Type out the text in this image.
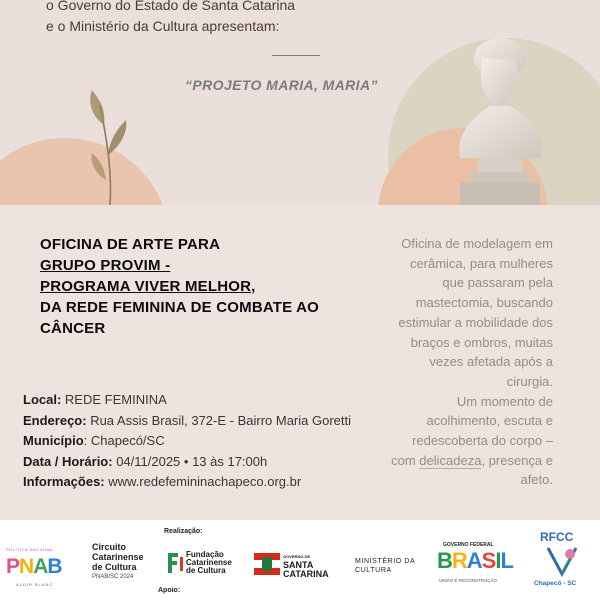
o Governo do Estado de Santa Catarina
e o Ministério da Cultura apresentam:
“PROJETO MARIA, MARIA”
OFICINA DE ARTE PARA
GRUPO PROVIM -
PROGRAMA VIVER MELHOR,
DA REDE FEMININA DE COMBATE AO
CÂNCER
Oficina de modelagem em
cerâmica, para mulheres
que passaram pela
mastectomia, buscando
estimular a mobilidade dos
braços e ombros, muitas
vezes afetada após a
cirurgia.
Um momento de
acolhimento, escuta e
redescoberta do corpo –
com delicadeza, presença e
afeto.
Local: REDE FEMININA
Endereço: Rua Assis Brasil, 372-E - Bairro Maria Goretti
Município: Chapecó/SC
Data / Horário: 04/11/2025 • 13 às 17:00h
Informações: www.redefemininachapeco.org.br
POLÍTICA NACIONAL
PNAB
ALDIR BLANC
Circuito
Catarinense
de Cultura
PNAB/SC 2024
Realização:
Apoio:
Fundação
Catarinense
de Cultura
GOVERNO DE
SANTA
CATARINA
MINISTÉRIO DA
CULTURA
GOVERNO FEDERAL
BRASIL
UNIÃO E RECONSTRUÇÃO
RFCC
Chapecó - SC
